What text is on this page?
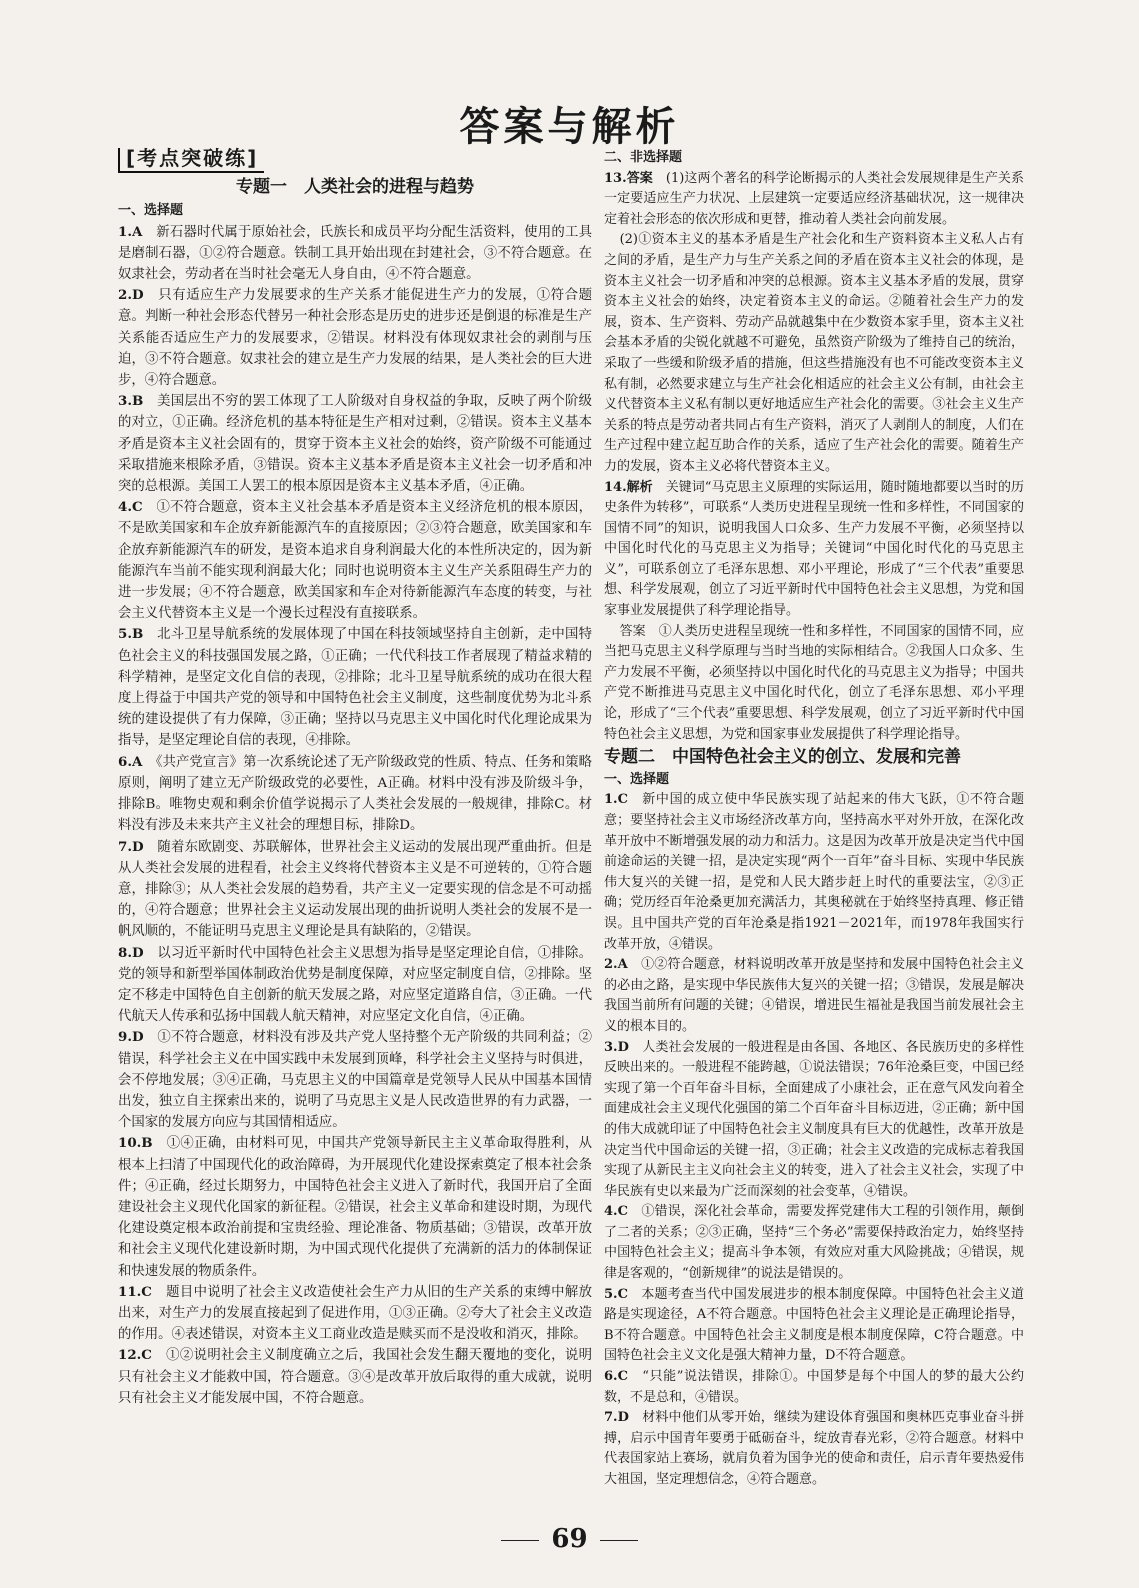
答案与解析
[考点突破练]
专题一　人类社会的进程与趋势

一、选择题

1.A　 新石器时代属于原始社会，氏族长和成员平均分配生活资料，使用的工具是磨制石器，①②符合题意。铁制工具开始出现在封建社会，③不符合题意。在奴隶社会，劳动者在当时社会毫无人身自由，④不符合题意。

2.D　 只有适应生产力发展要求的生产关系才能促进生产力的发展，①符合题意。判断一种社会形态代替另一种社会形态是历史的进步还是倒退的标准是生产关系能否适应生产力的发展要求，②错误。材料没有体现奴隶社会的剥削与压迫，③不符合题意。奴隶社会的建立是生产力发展的结果，是人类社会的巨大进步，④符合题意。

3.B　 美国层出不穷的罢工体现了工人阶级对自身权益的争取，反映了两个阶级的对立，①正确。经济危机的基本特征是生产相对过剩，②错误。资本主义基本矛盾是资本主义社会固有的，贯穿于资本主义社会的始终，资产阶级不可能通过采取措施来根除矛盾，③错误。资本主义基本矛盾是资本主义社会一切矛盾和冲突的总根源。美国工人罢工的根本原因是资本主义基本矛盾，④正确。

4.C　 ①不符合题意，资本主义社会基本矛盾是资本主义经济危机的根本原因，不是欧美国家和车企放弃新能源汽车的直接原因；②③符合题意，欧美国家和车企放弃新能源汽车的研发，是资本追求自身利润最大化的本性所决定的，因为新能源汽车当前不能实现利润最大化；同时也说明资本主义生产关系阻碍生产力的进一步发展；④不符合题意，欧美国家和车企对待新能源汽车态度的转变，与社会主义代替资本主义是一个漫长过程没有直接联系。

5.B　 北斗卫星导航系统的发展体现了中国在科技领域坚持自主创新，走中国特色社会主义的科技强国发展之路，①正确；一代代科技工作者展现了精益求精的科学精神，是坚定文化自信的表现，②排除；北斗卫星导航系统的成功在很大程度上得益于中国共产党的领导和中国特色社会主义制度，这些制度优势为北斗系统的建设提供了有力保障，③正确；坚持以马克思主义中国化时代化理论成果为指导，是坚定理论自信的表现，④排除。

6.A　 《共产党宣言》第一次系统论述了无产阶级政党的性质、特点、任务和策略原则，阐明了建立无产阶级政党的必要性，A正确。材料中没有涉及阶级斗争，排除B。唯物史观和剩余价值学说揭示了人类社会发展的一般规律，排除C。材料没有涉及未来共产主义社会的理想目标，排除D。

7.D　 随着东欧剧变、苏联解体，世界社会主义运动的发展出现严重曲折。但是从人类社会发展的进程看，社会主义终将代替资本主义是不可逆转的，①符合题意，排除③；从人类社会发展的趋势看，共产主义一定要实现的信念是不可动摇的，④符合题意；世界社会主义运动发展出现的曲折说明人类社会的发展不是一帆风顺的，不能证明马克思主义理论是具有缺陷的，②错误。

8.D　 以习近平新时代中国特色社会主义思想为指导是坚定理论自信，①排除。党的领导和新型举国体制政治优势是制度保障，对应坚定制度自信，②排除。坚定不移走中国特色自主创新的航天发展之路，对应坚定道路自信，③正确。一代代航天人传承和弘扬中国载人航天精神，对应坚定文化自信，④正确。

9.D　 ①不符合题意，材料没有涉及共产党人坚持整个无产阶级的共同利益；②错误，科学社会主义在中国实践中未发展到顶峰，科学社会主义坚持与时俱进，会不停地发展；③④正确，马克思主义的中国篇章是党领导人民从中国基本国情出发，独立自主探索出来的，说明了马克思主义是人民改造世界的有力武器，一个国家的发展方向应与其国情相适应。

10.B　 ①④正确，由材料可见，中国共产党领导新民主主义革命取得胜利，从根本上扫清了中国现代化的政治障碍，为开展现代化建设探索奠定了根本社会条件；④正确，经过长期努力，中国特色社会主义进入了新时代，我国开启了全面建设社会主义现代化国家的新征程。②错误，社会主义革命和建设时期，为现代化建设奠定根本政治前提和宝贵经验、理论准备、物质基础；③错误，改革开放和社会主义现代化建设新时期，为中国式现代化提供了充满新的活力的体制保证和快速发展的物质条件。

11.C　 题目中说明了社会主义改造使社会生产力从旧的生产关系的束缚中解放出来，对生产力的发展直接起到了促进作用，①③正确。②夸大了社会主义改造的作用。④表述错误，对资本主义工商业改造是赎买而不是没收和消灭，排除。

12.C　 ①②说明社会主义制度确立之后，我国社会发生翻天覆地的变化，说明只有社会主义才能救中国，符合题意。③④是改革开放后取得的重大成就，说明只有社会主义才能发展中国，不符合题意。

二、非选择题

13.答案　 (1)这两个著名的科学论断揭示的人类社会发展规律是生产关系一定要适应生产力状况、上层建筑一定要适应经济基础状况，这一规律决定着社会形态的依次形成和更替，推动着人类社会向前发展。

(2)①资本主义的基本矛盾是生产社会化和生产资料资本主义私人占有之间的矛盾，是生产力与生产关系之间的矛盾在资本主义社会的体现，是资本主义社会一切矛盾和冲突的总根源。资本主义基本矛盾的发展，贯穿资本主义社会的始终，决定着资本主义的命运。②随着社会生产力的发展，资本、生产资料、劳动产品就越集中在少数资本家手里，资本主义社会基本矛盾的尖锐化就越不可避免，虽然资产阶级为了维持自己的统治，采取了一些缓和阶级矛盾的措施，但这些措施没有也不可能改变资本主义私有制，必然要求建立与生产社会化相适应的社会主义公有制，由社会主义代替资本主义私有制以更好地适应生产社会化的需要。③社会主义生产关系的特点是劳动者共同占有生产资料，消灭了人剥削人的制度，人们在生产过程中建立起互助合作的关系，适应了生产社会化的需要。随着生产力的发展，资本主义必将代替资本主义。

14.解析　 关键词“马克思主义原理的实际运用，随时随地都要以当时的历史条件为转移”，可联系“人类历史进程呈现统一性和多样性，不同国家的国情不同”的知识，说明我国人口众多、生产力发展不平衡，必须坚持以中国化时代化的马克思主义为指导；关键词“中国化时代化的马克思主义”，可联系创立了毛泽东思想、邓小平理论，形成了“三个代表”重要思想、科学发展观，创立了习近平新时代中国特色社会主义思想，为党和国家事业发展提供了科学理论指导。

答案　 ①人类历史进程呈现统一性和多样性，不同国家的国情不同，应当把马克思主义科学原理与当时当地的实际相结合。②我国人口众多、生产力发展不平衡，必须坚持以中国化时代化的马克思主义为指导；中国共产党不断推进马克思主义中国化时代化，创立了毛泽东思想、邓小平理论，形成了“三个代表”重要思想、科学发展观，创立了习近平新时代中国特色社会主义思想，为党和国家事业发展提供了科学理论指导。

专题二　中国特色社会主义的创立、发展和完善

一、选择题

1.C　 新中国的成立使中华民族实现了站起来的伟大飞跃，①不符合题意；要坚持社会主义市场经济改革方向，坚持高水平对外开放，在深化改革开放中不断增强发展的动力和活力。这是因为改革开放是决定当代中国前途命运的关键一招，是决定实现“两个一百年”奋斗目标、实现中华民族伟大复兴的关键一招，是党和人民大踏步赶上时代的重要法宝，②③正确；党历经百年沧桑更加充满活力，其奥秘就在于始终坚持真理、修正错误。且中国共产党的百年沧桑是指1921－2021年，而1978年我国实行改革开放，④错误。

2.A　 ①②符合题意，材料说明改革开放是坚持和发展中国特色社会主义的必由之路，是实现中华民族伟大复兴的关键一招；③错误，发展是解决我国当前所有问题的关键；④错误，增进民生福祉是我国当前发展社会主义的根本目的。

3.D　 人类社会发展的一般进程是由各国、各地区、各民族历史的多样性反映出来的。一般进程不能跨越，①说法错误；76年沧桑巨变，中国已经实现了第一个百年奋斗目标，全面建成了小康社会，正在意气风发向着全面建成社会主义现代化强国的第二个百年奋斗目标迈进，②正确；新中国的伟大成就印证了中国特色社会主义制度具有巨大的优越性，改革开放是决定当代中国命运的关键一招，③正确；社会主义改造的完成标志着我国实现了从新民主主义向社会主义的转变，进入了社会主义社会，实现了中华民族有史以来最为广泛而深刻的社会变革，④错误。

4.C　 ①错误，深化社会革命，需要发挥党建伟大工程的引领作用，颠倒了二者的关系；②③正确，坚持“三个务必”需要保持政治定力，始终坚持中国特色社会主义；提高斗争本领，有效应对重大风险挑战；④错误，规律是客观的，“创新规律”的说法是错误的。

5.C　 本题考查当代中国发展进步的根本制度保障。中国特色社会主义道路是实现途径，A不符合题意。中国特色社会主义理论是正确理论指导，B不符合题意。中国特色社会主义制度是根本制度保障，C符合题意。中国特色社会主义文化是强大精神力量，D不符合题意。

6.C　 “只能”说法错误，排除①。中国梦是每个中国人的梦的最大公约数，不是总和，④错误。

7.D　 材料中他们从零开始，继续为建设体育强国和奥林匹克事业奋斗拼搏，启示中国青年要勇于砥砺奋斗，绽放青春光彩，②符合题意。材料中代表国家站上赛场，就肩负着为国争光的使命和责任，启示青年要热爱伟大祖国，坚定理想信念，④符合题意。

69
